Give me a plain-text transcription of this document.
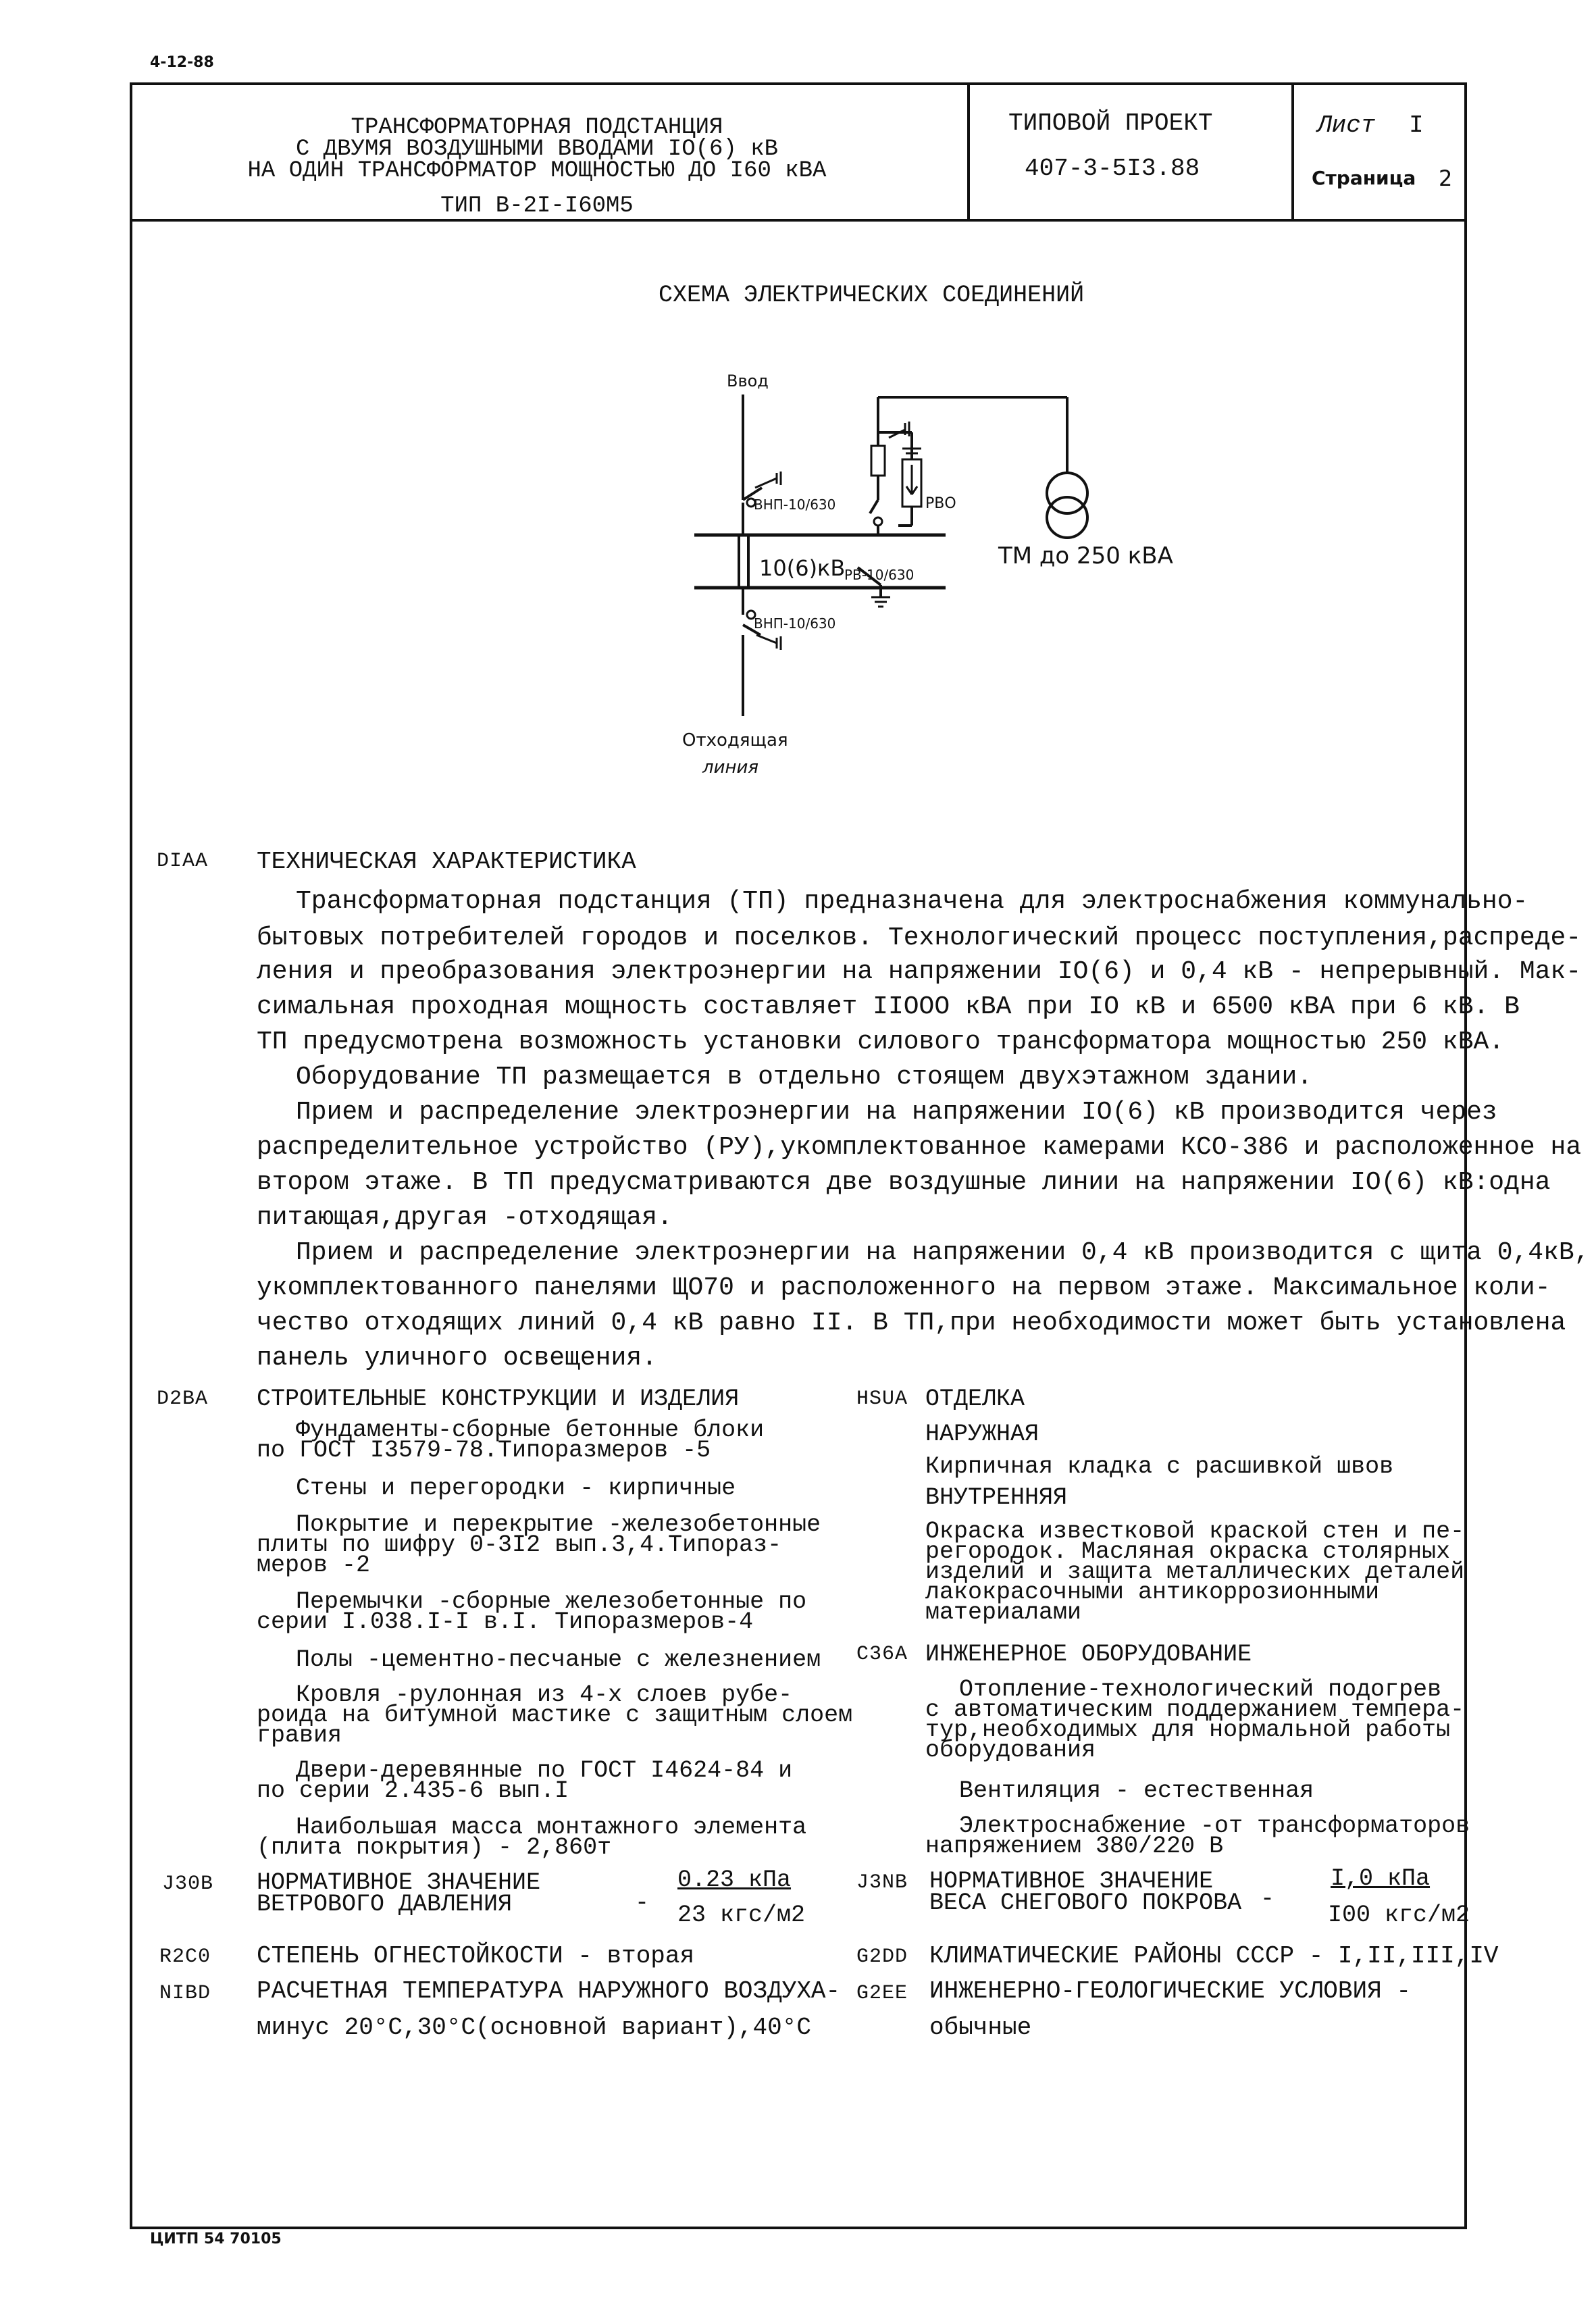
4-12-88
ТРАНСФОРМАТОРНАЯ ПОДСТАНЦИЯ
С ДВУМЯ ВОЗДУШНЫМИ ВВОДАМИ IO(6) кВ
НА ОДИН ТРАНСФОРМАТОР МОЩНОСТЬЮ ДО I60 кВА
ТИП В-2I-I60М5
ТИПОВОЙ ПРОЕКТ
407-3-5I3.88
Лист I
Страница 2
СХЕМА ЭЛЕКТРИЧЕСКИХ СОЕДИНЕНИЙ
Ввод
ВНП-10/630	РВО
10(6)кВ
РВ-10/630
ВНП-10/630
ТМ до 250 кВА
Отходящая
линия
DIAA ТЕХНИЧЕСКАЯ ХАРАКТЕРИСТИКА
Трансформаторная подстанция (ТП) предназначена для электроснабжения коммунально-
бытовых потребителей городов и поселков. Технологический процесс поступления,распреде-
ления и преобразования электроэнергии на напряжении IO(6) и 0,4 кВ - непрерывный. Мак-
симальная проходная мощность составляет IIOOO кВА при IO кВ и 6500 кВА при 6 кВ. В
ТП предусмотрена возможность установки силового трансформатора мощностью 250 кВА.
Оборудование ТП размещается в отдельно стоящем двухэтажном здании.
Прием и распределение электроэнергии на напряжении IO(6) кВ производится через
распределительное устройство (РУ),укомплектованное камерами КСО-386 и расположенное на
втором этаже. В ТП предусматриваются две воздушные линии на напряжении IO(6) кВ:одна
питающая,другая -отходящая.
Прием и распределение электроэнергии на напряжении 0,4 кВ производится с щита 0,4кВ,
укомплектованного панелями ЩО70 и расположенного на первом этаже. Максимальное коли-
чество отходящих линий 0,4 кВ равно II. В ТП,при необходимости может быть установлена
панель уличного освещения.
D2BA СТРОИТЕЛЬНЫЕ КОНСТРУКЦИИ И ИЗДЕЛИЯ
Фундаменты-сборные бетонные блоки
по ГОСТ I3579-78.Типоразмеров -5
Стены и перегородки - кирпичные
Покрытие и перекрытие -железобетонные
плиты по шифру 0-3I2 вып.3,4.Типораз-
меров -2
Перемычки -сборные железобетонные по
серии I.038.I-I в.I. Типоразмеров-4
Полы -цементно-песчаные с железнением
Кровля -рулонная из 4-х слоев рубе-
роида на битумной мастике с защитным слоем
гравия
Двери-деревянные по ГОСТ I4624-84 и
по серии 2.435-6 вып.I
Наибольшая масса монтажного элемента
(плита покрытия) - 2,860т
HSUA ОТДЕЛКА
НАРУЖНАЯ
Кирпичная кладка с расшивкой швов
ВНУТРЕННЯЯ
Окраска известковой краской стен и пе-
регородок. Масляная окраска столярных
изделий и защита металлических деталей
лакокрасочными антикоррозионными
материалами
C36A ИНЖЕНЕРНОЕ ОБОРУДОВАНИЕ
Отопление-технологический подогрев
с автоматическим поддержанием темпера-
тур,необходимых для нормальной работы
оборудования
Вентиляция - естественная
Электроснабжение -от трансформаторов
напряжением 380/220 В
J30B НОРМАТИВНОЕ ЗНАЧЕНИЕ
ВЕТРОВОГО ДАВЛЕНИЯ	-
0.23 кПа
23 кгс/м2
J3NB НОРМАТИВНОЕ ЗНАЧЕНИЕ
ВЕСА СНЕГОВОГО ПОКРОВА -
I,0 кПа
I00 кгс/м2
R2C0 СТЕПЕНЬ ОГНЕСТОЙКОСТИ - вторая	G2DD КЛИМАТИЧЕСКИЕ РАЙОНЫ СССР - I,II,III,IV
NIBD РАСЧЕТНАЯ ТЕМПЕРАТУРА НАРУЖНОГО ВОЗДУХА-
минус 20°С,30°С(основной вариант),40°С
G2EE ИНЖЕНЕРНО-ГЕОЛОГИЧЕСКИЕ УСЛОВИЯ -
обычные
ЦИТП 54 70105
